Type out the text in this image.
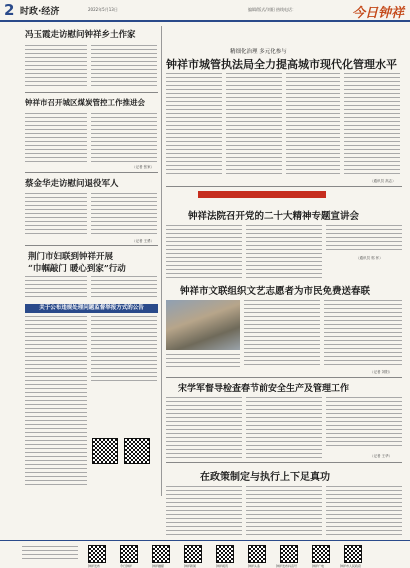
2 时政·经济	2022年5月13日	编辑/版式/刘阳 热线电话：	今日钟祥
冯玉霞走访慰问钟祥乡土作家
钟祥市召开城区煤炭管控工作推进会
（记者 张家）
蔡金华走访慰问退役军人
（记者 王勇）
荆门市妇联到钟祥开展
“巾帼敲门 暖心到家”行动
关于公布违规处理问题监督举报方式的公告
精细化治理 多元化参与
钟祥市城管执法局全力提高城市现代化管理水平
（通讯员 高志）
钟祥法院召开党的二十大精神专题宣讲会
（通讯员 郭 怀）
钟祥市文联组织文艺志愿者为市民免费送春联
（记者 刘阳）
宋学军督导检查春节前安全生产及管理工作
（记者 王华）
在政策制定与执行上下足真功
钟祥发布	今日钟祥	钟祥融媒	钟祥新闻	钟祥视讯	钟祥头条	钟祥发布抖音号	钟祥广电	钟祥市人民政府
